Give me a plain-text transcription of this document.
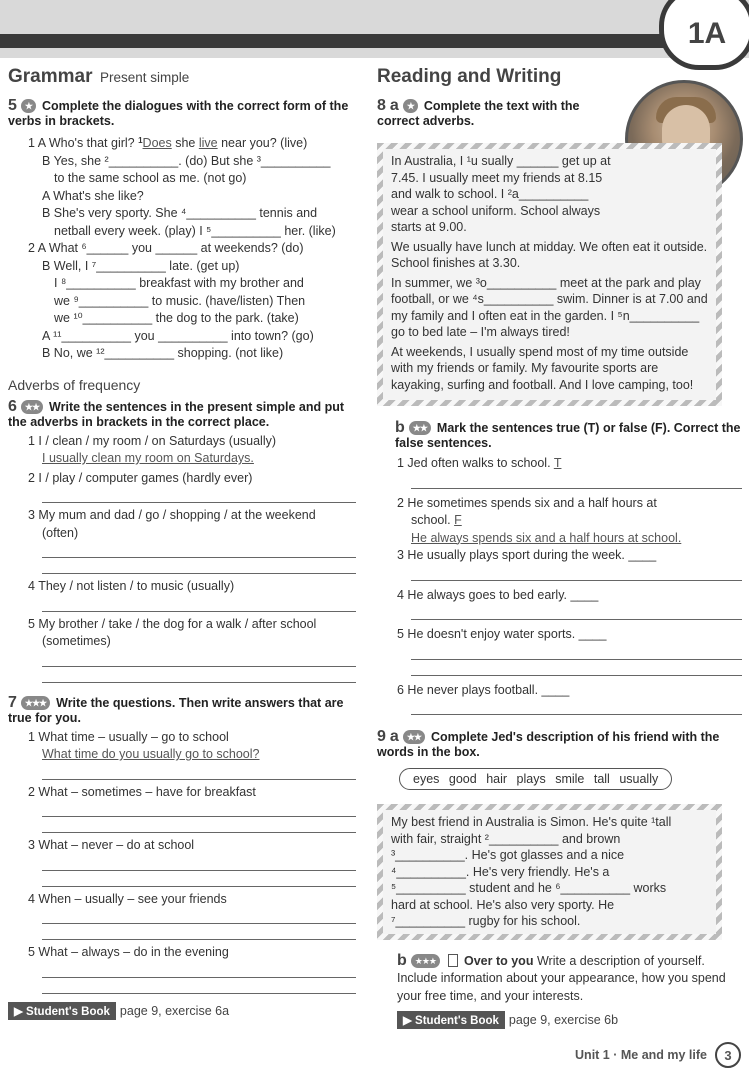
1A
Grammar Present simple
5 ★ Complete the dialogues with the correct form of the verbs in brackets.
1 A Who's that girl? $^1$Does she live near you? (live)
B Yes, she ²__________. (do) But she ³__________
to the same school as me. (not go)
A What's she like?
B She's very sporty. She ⁴__________ tennis and
netball every week. (play) I ⁵__________ her. (like)
2 A What ⁶______ you ______ at weekends? (do)
B Well, I ⁷__________ late. (get up)
I ⁸__________ breakfast with my brother and
we ⁹__________ to music. (have/listen) Then
we ¹⁰__________ the dog to the park. (take)
A ¹¹__________ you __________ into town? (go)
B No, we ¹²__________ shopping. (not like)
Adverbs of frequency
6 ★★ Write the sentences in the present simple and put the adverbs in brackets in the correct place.
1 I / clean / my room / on Saturdays (usually)
I usually clean my room on Saturdays.
2 I / play / computer games (hardly ever)
3 My mum and dad / go / shopping / at the weekend
(often)
4 They / not listen / to music (usually)
5 My brother / take / the dog for a walk / after school
(sometimes)
7 ★★★ Write the questions. Then write answers that are true for you.
1 What time – usually – go to school
What time do you usually go to school?
2 What – sometimes – have for breakfast
3 What – never – do at school
4 When – usually – see your friends
5 What – always – do in the evening
▶ Student's Book page 9, exercise 6a
Reading and Writing
8 a ★ Complete the text with the correct adverbs.

In Australia, I ¹u sually ______ get up at 7.45. I usually meet my friends at 8.15 and walk to school. I ²a__________ wear a school uniform. School always starts at 9.00.

We usually have lunch at midday. We often eat it outside. School finishes at 3.30.

In summer, we ³o__________ meet at the park and play football, or we ⁴s__________ swim. Dinner is at 7.00 and my family and I often eat in the garden. I ⁵n__________ go to bed late – I'm always tired!

At weekends, I usually spend most of my time outside with my friends or family. My favourite sports are kayaking, surfing and football. And I love camping, too!

b ★★ Mark the sentences true (T) or false (F). Correct the false sentences.
1 Jed often walks to school. T
2 He sometimes spends six and a half hours at
school. F
He always spends six and a half hours at school.
3 He usually plays sport during the week. ____
4 He always goes to bed early. ____
5 He doesn't enjoy water sports. ____
6 He never plays football. ____
9 a ★★ Complete Jed's description of his friend with the words in the box.
eyes good hair plays smile tall usually
My best friend in Australia is Simon. He's quite ¹tall
with fair, straight ²__________ and brown
³__________. He's got glasses and a nice
⁴__________. He's very friendly. He's a
⁵__________ student and he ⁶__________ works
hard at school. He's also very sporty. He
⁷__________ rugby for his school.
b ★★★ Over to you Write a description of yourself. Include information about your appearance, how you spend your free time, and your interests.
▶ Student's Book page 9, exercise 6b
Unit 1 · Me and my life	3
